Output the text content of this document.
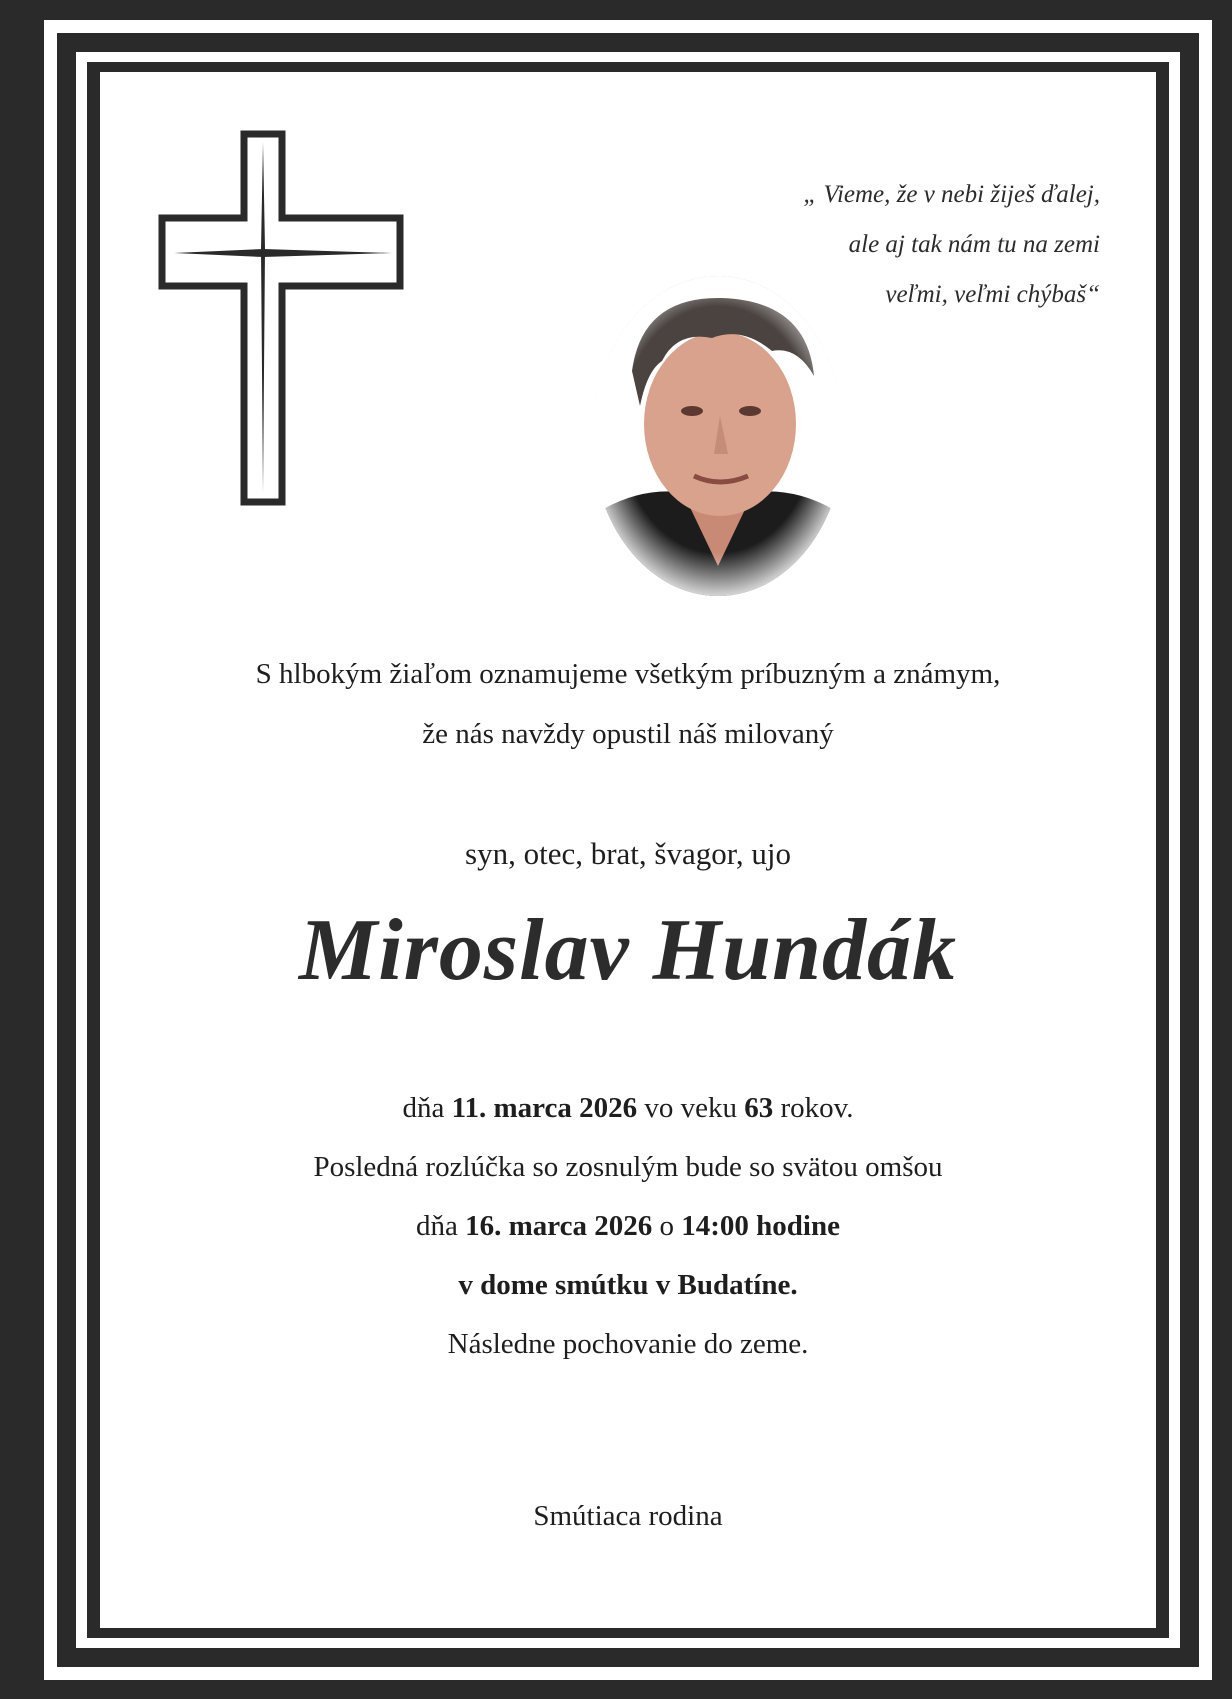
„ Vieme, že v nebi žiješ ďalej,
ale aj tak nám tu na zemi
veľmi, veľmi chýbaš“
S hlbokým žiaľom oznamujeme všetkým príbuzným a známym,
že nás navždy opustil náš milovaný
syn, otec, brat, švagor, ujo
Miroslav Hundák
dňa 11. marca 2026 vo veku 63 rokov.
Posledná rozlúčka so zosnulým bude so svätou omšou
dňa 16. marca 2026 o 14:00 hodine
v dome smútku v Budatíne.
Následne pochovanie do zeme.
Smútiaca rodina
